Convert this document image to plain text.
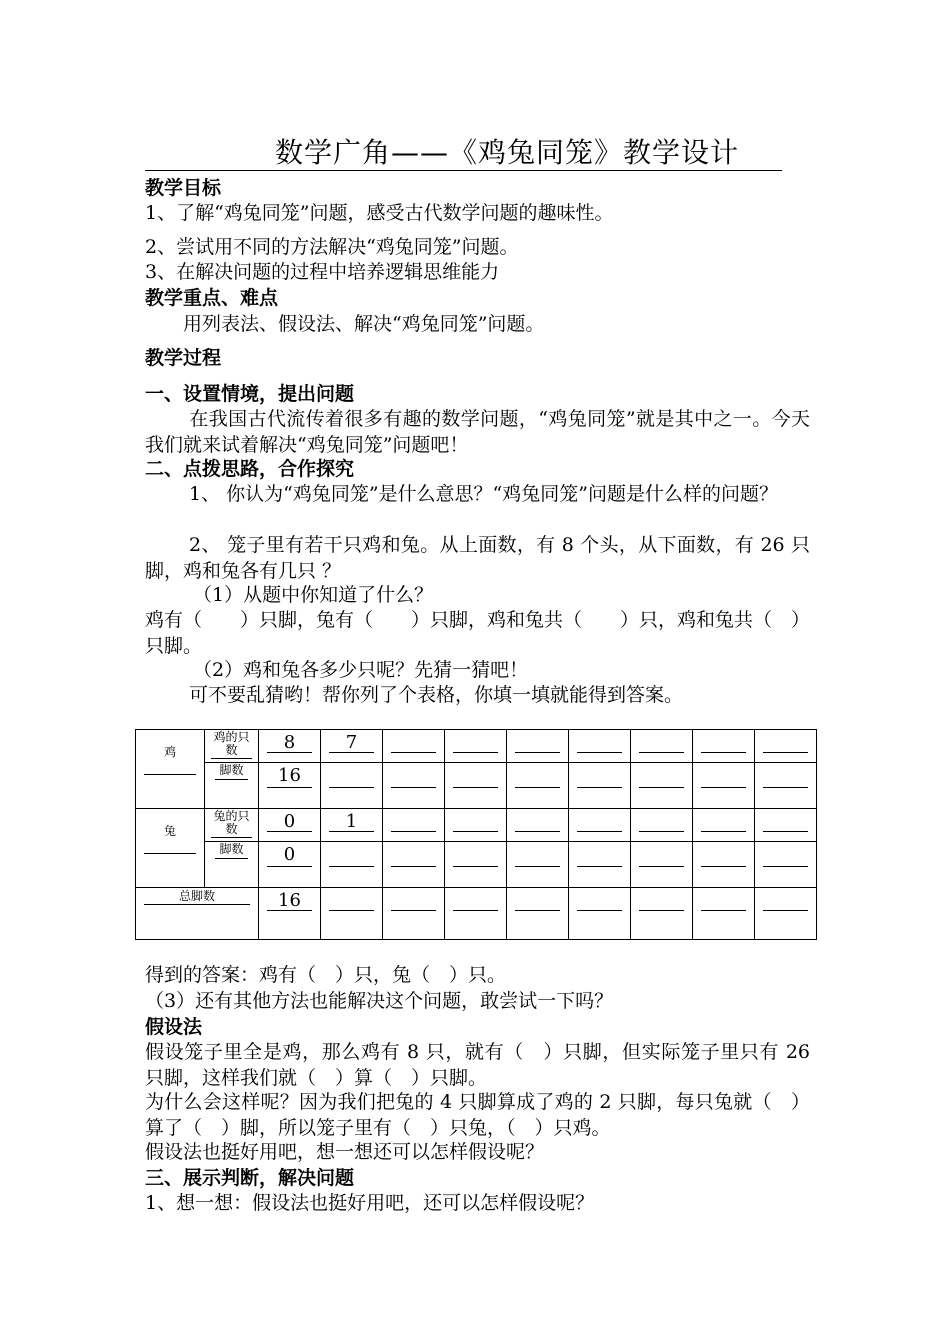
数学广角——《鸡兔同笼》教学设计
教学目标
1、了解“鸡兔同笼”问题，感受古代数学问题的趣味性。
2、尝试用不同的方法解决“鸡兔同笼”问题。
3、在解决问题的过程中培养逻辑思维能力
教学重点、难点
用列表法、假设法、解决“鸡兔同笼”问题。
教学过程
一、设置情境，提出问题
在我国古代流传着很多有趣的数学问题，“鸡兔同笼”就是其中之一。今天我们就来试着解决“鸡兔同笼”问题吧！
二、点拨思路，合作探究
1、 你认为“鸡兔同笼”是什么意思？“鸡兔同笼”问题是什么样的问题？
2、 笼子里有若干只鸡和兔。从上面数，有 8 个头，从下面数，有 26 只脚，鸡和兔各有几只 ？
（1）从题中你知道了什么？
鸡有（　　）只脚，兔有（　　）只脚，鸡和兔共（　　）只，鸡和兔共（　）只脚。
（2）鸡和兔各多少只呢？先猜一猜吧！
可不要乱猜哟！帮你列了个表格，你填一填就能得到答案。
鸡	鸡的只数	8	7							

	脚数	16								

兔	兔的只数	0	1							

	脚数	0								

总脚数		16								

得到的答案：鸡有（　）只，兔（　）只。
（3）还有其他方法也能解决这个问题，敢尝试一下吗？
假设法
假设笼子里全是鸡，那么鸡有 8 只，就有（　）只脚，但实际笼子里只有 26 只脚，这样我们就（　）算（　）只脚。
为什么会这样呢？因为我们把兔的 4 只脚算成了鸡的 2 只脚，每只兔就（　）算了（　）脚，所以笼子里有（　）只兔，（　）只鸡。
假设法也挺好用吧，想一想还可以怎样假设呢？
三、展示判断，解决问题
1、想一想：假设法也挺好用吧，还可以怎样假设呢？
